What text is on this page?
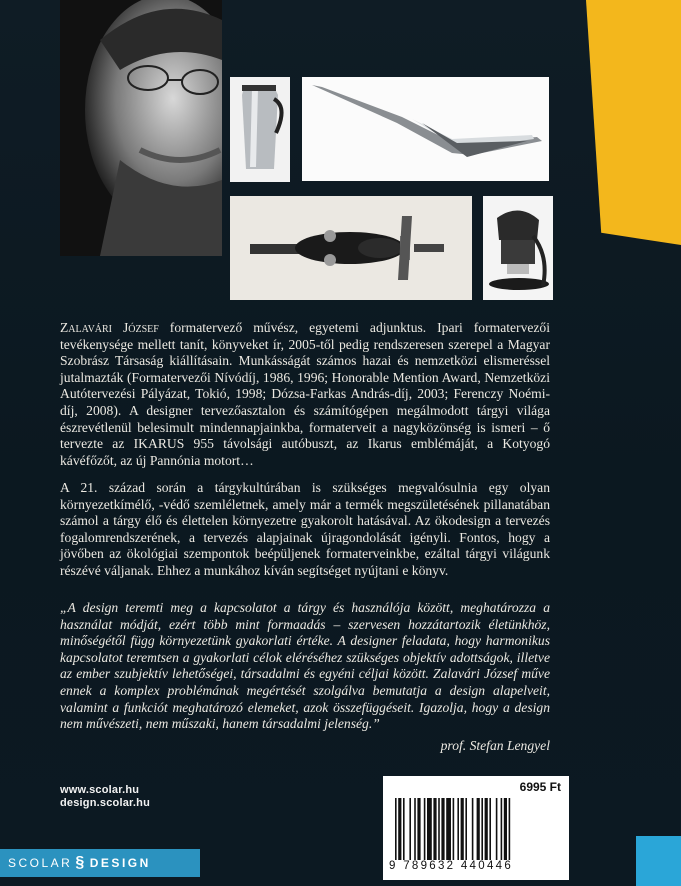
Zalavári József formatervező művész, egyetemi adjunktus. Ipari formatervezői tevékenysége mellett tanít, könyveket ír, 2005-től pedig rendszeresen szerepel a Magyar Szobrász Társaság kiállításain. Munkásságát számos hazai és nemzetközi elismeréssel jutalmazták (Formatervezői Nívódíj, 1986, 1996; Honorable Mention Award, Nemzetközi Autótervezési Pályázat, Tokió, 1998; Dózsa-Farkas András-díj, 2003; Ferenczy Noémi-díj, 2008). A designer tervezőasztalon és számítógépen megálmodott tárgyi világa észrevétlenül belesimult mindennapjainkba, formaterveit a nagyközönség is ismeri – ő tervezte az IKARUS 955 távolsági autóbuszt, az Ikarus emblémáját, a Kotyogó kávéfőzőt, az új Pannónia motort…

A 21. század során a tárgykultúrában is szükséges megvalósulnia egy olyan környezetkímélő, -védő szemléletnek, amely már a termék megszületésének pillanatában számol a tárgy élő és élettelen környezetre gyakorolt hatásával. Az ökodesign a tervezés fogalomrendszerének, a tervezés alapjainak újragondolását igényli. Fontos, hogy a jövőben az ökológiai szempontok beépüljenek formaterveinkbe, ezáltal tárgyi világunk részévé váljanak. Ehhez a munkához kíván segítséget nyújtani e könyv.

„A design teremti meg a kapcsolatot a tárgy és használója között, meghatározza a használat módját, ezért több mint formaadás – szervesen hozzátartozik életünkhöz, minőségétől függ környezetünk gyakorlati értéke. A designer feladata, hogy harmonikus kapcsolatot teremtsen a gyakorlati célok eléréséhez szükséges objektív adottságok, illetve az ember szubjektív lehetőségei, társadalmi és egyéni céljai között. Zalavári József műve ennek a komplex problémának megértését szolgálva bemutatja a design alapelveit, valamint a funkciót meghatározó elemeket, azok összefüggéseit. Igazolja, hogy a design nem művészeti, nem műszaki, hanem társadalmi jelenség.”

prof. Stefan Lengyel
www.scolar.hu
design.scolar.hu
SCOLAR § DESIGN
6995 Ft
9 789632 440446
